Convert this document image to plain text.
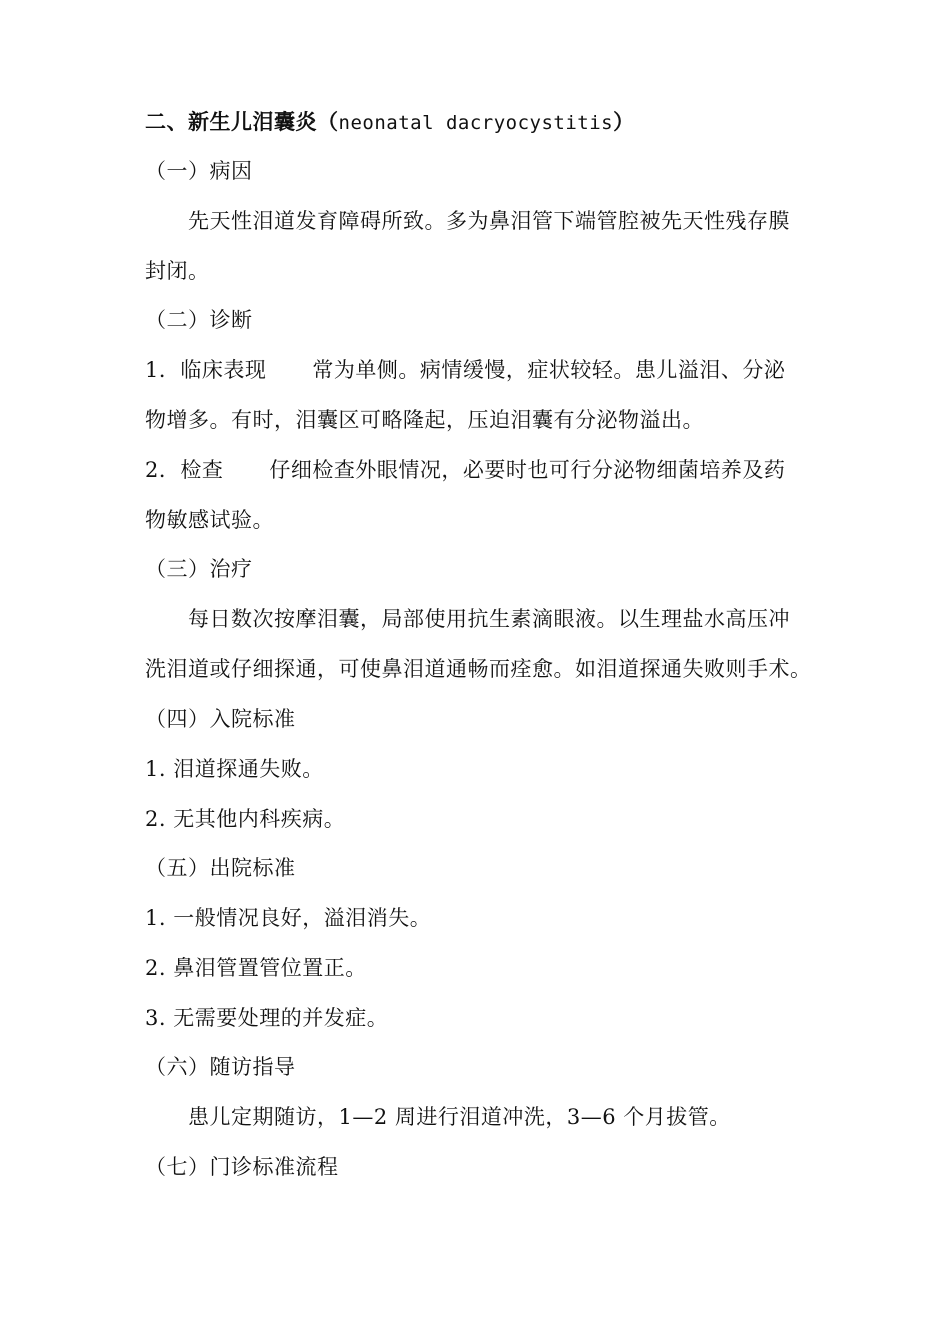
二、新生儿泪囊炎（neonatal dacryocystitis）
（一）病因
先天性泪道发育障碍所致。多为鼻泪管下端管腔被先天性残存膜
封闭。
（二）诊断
1．临床表现 常为单侧。病情缓慢，症状较轻。患儿溢泪、分泌
物增多。有时，泪囊区可略隆起，压迫泪囊有分泌物溢出。
2．检查 仔细检查外眼情况，必要时也可行分泌物细菌培养及药
物敏感试验。
（三）治疗
每日数次按摩泪囊，局部使用抗生素滴眼液。以生理盐水高压冲
洗泪道或仔细探通，可使鼻泪道通畅而痊愈。如泪道探通失败则手术。
（四）入院标准
1. 泪道探通失败。
2. 无其他内科疾病。
（五）出院标准
1. 一般情况良好，溢泪消失。
2. 鼻泪管置管位置正。
3. 无需要处理的并发症。
（六）随访指导
患儿定期随访，1—2 周进行泪道冲洗，3—6 个月拔管。
（七）门诊标准流程
